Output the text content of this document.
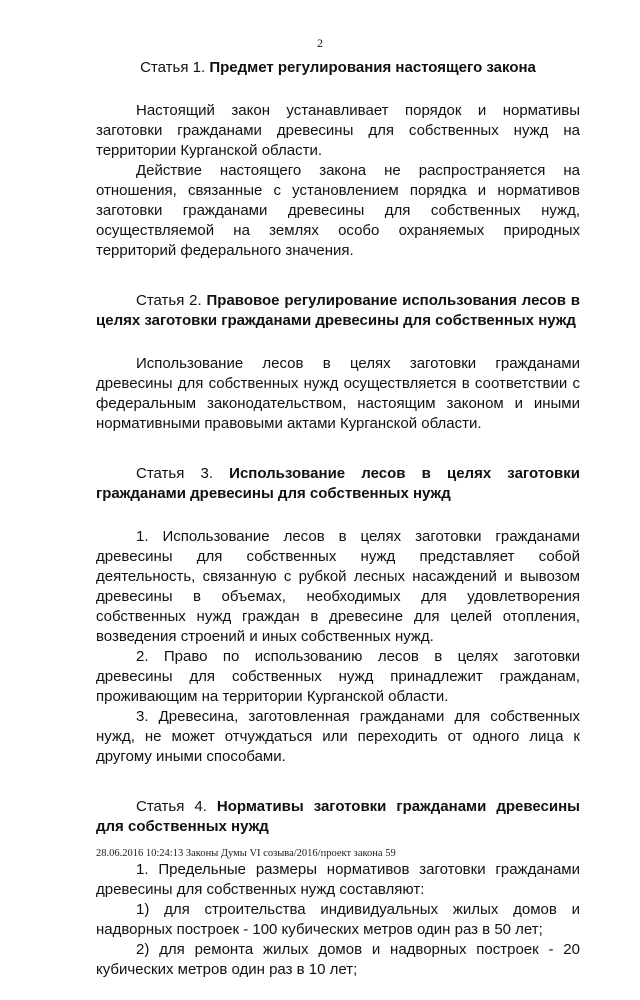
2

Статья 1. Предмет регулирования настоящего закона

Настоящий закон устанавливает порядок и нормативы заготовки гражданами древесины для собственных нужд на территории Курганской области.

Действие настоящего закона не распространяется на отношения, связанные с установлением порядка и нормативов заготовки гражданами древесины для собственных нужд, осуществляемой на землях особо охраняемых природных территорий федерального значения.

Статья 2. Правовое регулирование использования лесов в целях заготовки гражданами древесины для собственных нужд

Использование лесов в целях заготовки гражданами древесины для собственных нужд осуществляется в соответствии с федеральным законодательством, настоящим законом и иными нормативными правовыми актами Курганской области.

Статья 3. Использование лесов в целях заготовки гражданами древесины для собственных нужд

1. Использование лесов в целях заготовки гражданами древесины для собственных нужд представляет собой деятельность, связанную с рубкой лесных насаждений и вывозом древесины в объемах, необходимых для удовлетворения собственных нужд граждан в древесине для целей отопления, возведения строений и иных собственных нужд.

2. Право по использованию лесов в целях заготовки древесины для собственных нужд принадлежит гражданам, проживающим на территории Курганской области.

3. Древесина, заготовленная гражданами для собственных нужд, не может отчуждаться или переходить от одного лица к другому иными способами.

Статья 4. Нормативы заготовки гражданами древесины для собственных нужд

1. Предельные размеры нормативов заготовки гражданами древесины для собственных нужд составляют:

1) для строительства индивидуальных жилых домов и надворных построек - 100 кубических метров один раз в 50 лет;

2) для ремонта жилых домов и надворных построек - 20 кубических метров один раз в 10 лет;

28.06.2016 10:24:13 Законы Думы VI созыва/2016/проект закона 59
